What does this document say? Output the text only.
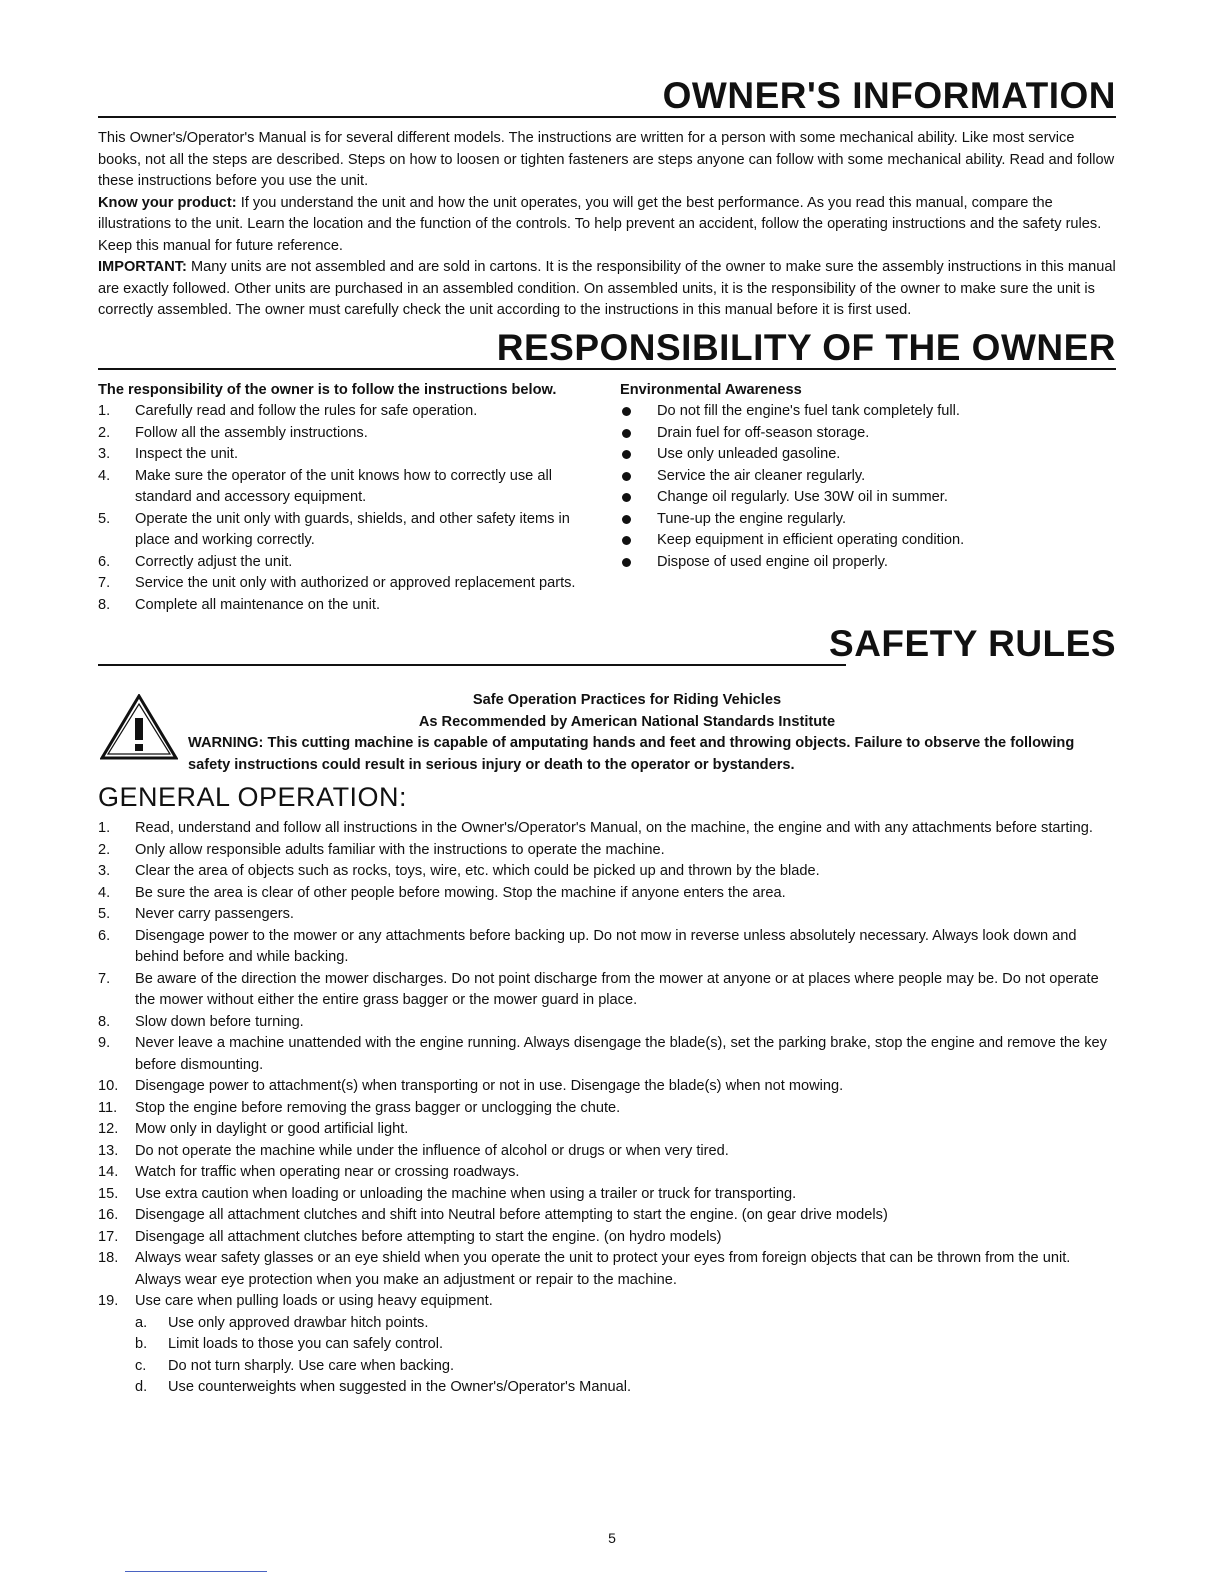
OWNER'S INFORMATION

This Owner's/Operator's Manual is for several different models. The instructions are written for a person with some mechanical ability. Like most service books, not all the steps are described. Steps on how to loosen or tighten fasteners are steps anyone can follow with some mechanical ability. Read and follow these instructions before you use the unit.

Know your product: If you understand the unit and how the unit operates, you will get the best performance. As you read this manual, compare the illustrations to the unit. Learn the location and the function of the controls. To help prevent an accident, follow the operating instructions and the safety rules. Keep this manual for future reference.

IMPORTANT: Many units are not assembled and are sold in cartons. It is the responsibility of the owner to make sure the assembly instructions in this manual are exactly followed. Other units are purchased in an assembled condition. On assembled units, it is the responsibility of the owner to make sure the unit is correctly assembled. The owner must carefully check the unit according to the instructions in this manual before it is first used.

RESPONSIBILITY OF THE OWNER
The responsibility of the owner is to follow the instructions below.
1. Carefully read and follow the rules for safe operation.
2. Follow all the assembly instructions.
3. Inspect the unit.
4. Make sure the operator of the unit knows how to correctly use all standard and accessory equipment.
5. Operate the unit only with guards, shields, and other safety items in place and working correctly.
6. Correctly adjust the unit.
7. Service the unit only with authorized or approved replacement parts.
8. Complete all maintenance on the unit.
Environmental Awareness
Do not fill the engine's fuel tank completely full.
Drain fuel for off-season storage.
Use only unleaded gasoline.
Service the air cleaner regularly.
Change oil regularly. Use 30W oil in summer.
Tune-up the engine regularly.
Keep equipment in efficient operating condition.
Dispose of used engine oil properly.
SAFETY RULES
Safe Operation Practices for Riding Vehicles
As Recommended by American National Standards Institute
WARNING: This cutting machine is capable of amputating hands and feet and throwing objects. Failure to observe the following safety instructions could result in serious injury or death to the operator or bystanders.
GENERAL OPERATION:
1. Read, understand and follow all instructions in the Owner's/Operator's Manual, on the machine, the engine and with any attachments before starting.
2. Only allow responsible adults familiar with the instructions to operate the machine.
3. Clear the area of objects such as rocks, toys, wire, etc. which could be picked up and thrown by the blade.
4. Be sure the area is clear of other people before mowing. Stop the machine if anyone enters the area.
5. Never carry passengers.
6. Disengage power to the mower or any attachments before backing up. Do not mow in reverse unless absolutely necessary. Always look down and behind before and while backing.
7. Be aware of the direction the mower discharges. Do not point discharge from the mower at anyone or at places where people may be. Do not operate the mower without either the entire grass bagger or the mower guard in place.
8. Slow down before turning.
9. Never leave a machine unattended with the engine running. Always disengage the blade(s), set the parking brake, stop the engine and remove the key before dismounting.
10. Disengage power to attachment(s) when transporting or not in use. Disengage the blade(s) when not mowing.
11. Stop the engine before removing the grass bagger or unclogging the chute.
12. Mow only in daylight or good artificial light.
13. Do not operate the machine while under the influence of alcohol or drugs or when very tired.
14. Watch for traffic when operating near or crossing roadways.
15. Use extra caution when loading or unloading the machine when using a trailer or truck for transporting.
16. Disengage all attachment clutches and shift into Neutral before attempting to start the engine. (on gear drive models)
17. Disengage all attachment clutches before attempting to start the engine. (on hydro models)
18. Always wear safety glasses or an eye shield when you operate the unit to protect your eyes from foreign objects that can be thrown from the unit. Always wear eye protection when you make an adjustment or repair to the machine.
19. Use care when pulling loads or using heavy equipment.
a. Use only approved drawbar hitch points.
b. Limit loads to those you can safely control.
c. Do not turn sharply. Use care when backing.
d. Use counterweights when suggested in the Owner's/Operator's Manual.
5
